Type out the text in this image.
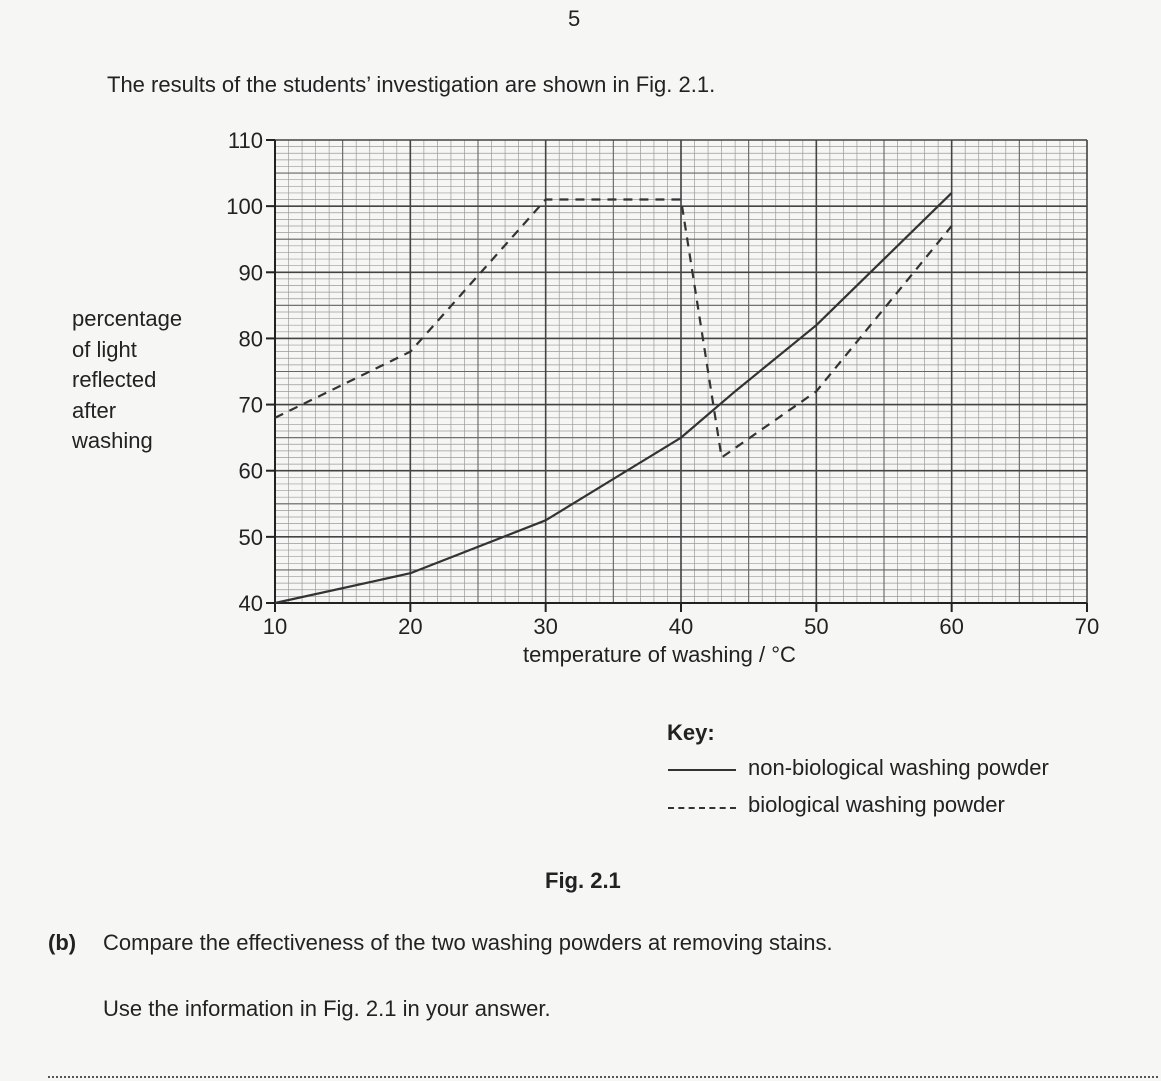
5
The results of the students’ investigation are shown in Fig. 2.1.
percentage
of light
reflected
after
washing
40
50
60
70
80
90
100
110
10	20	30	40	50	60	70
temperature of washing / °C
Key:
non-biological washing powder
biological washing powder
Fig. 2.1
(b) Compare the effectiveness of the two washing powders at removing stains.
Use the information in Fig. 2.1 in your answer.
